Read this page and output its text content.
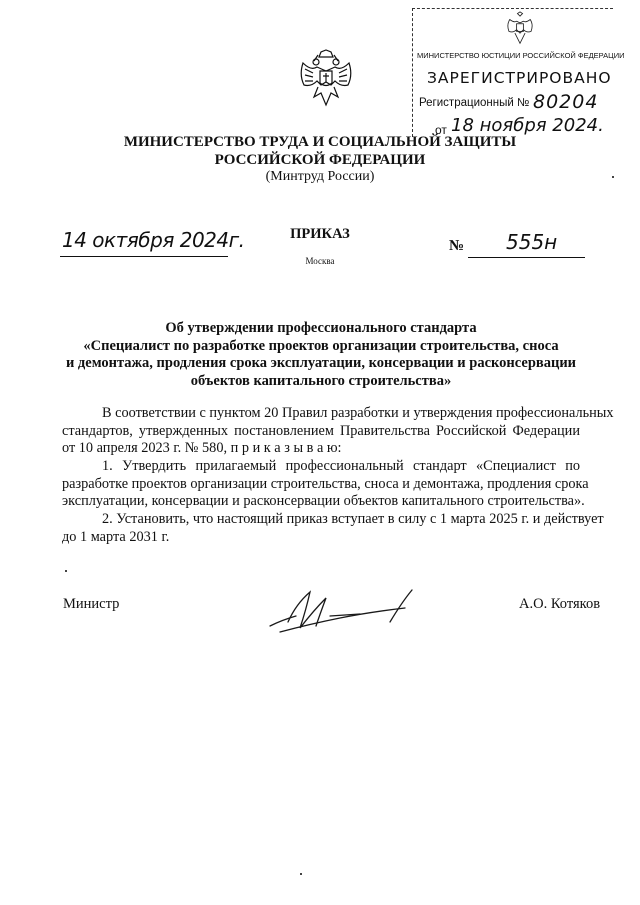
МИНИСТЕРСТВО ЮСТИЦИИ РОССИЙСКОЙ ФЕДЕРАЦИИ
ЗАРЕГИСТРИРОВАНО
Регистрационный № 80204
от 18 ноября 2024.
МИНИСТЕРСТВО ТРУДА И СОЦИАЛЬНОЙ ЗАЩИТЫ
РОССИЙСКОЙ ФЕДЕРАЦИИ
(Минтруд России)
14 октября 2024г.	ПРИКАЗ
Москва
№ 555н
Об утверждении профессионального стандарта
«Специалист по разработке проектов организации строительства, сноса
и демонтажа, продления срока эксплуатации, консервации и расконсервации
объектов капитального строительства»
В соответствии с пунктом 20 Правил разработки и утверждения профессиональных
стандартов, утвержденных постановлением Правительства Российской Федерации
от 10 апреля 2023 г. № 580, п р и к а з ы в а ю:
1. Утвердить прилагаемый профессиональный стандарт «Специалист по
разработке проектов организации строительства, сноса и демонтажа, продления срока
эксплуатации, консервации и расконсервации объектов капитального строительства».
2. Установить, что настоящий приказ вступает в силу с 1 марта 2025 г. и действует
до 1 марта 2031 г.
Министр	А.О. Котяков
